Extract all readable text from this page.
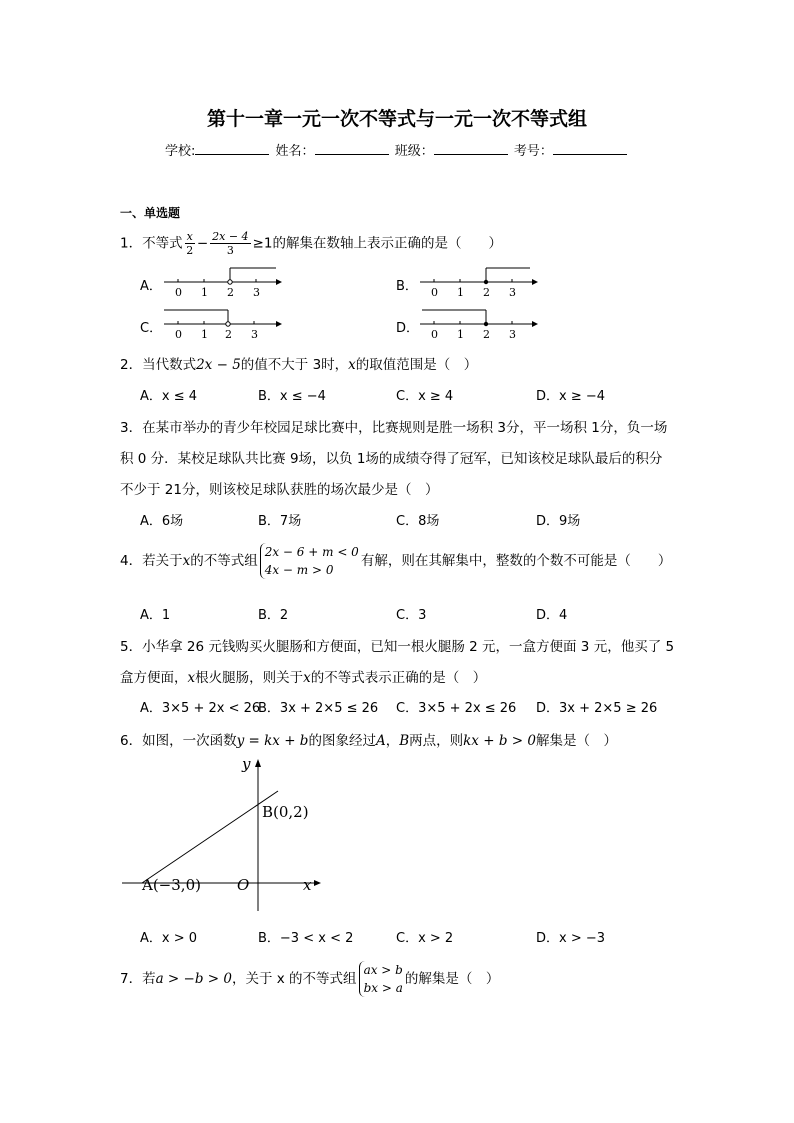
第十一章一元一次不等式与一元一次不等式组
学校:	姓名：	班级：	考号：
一、单选题
1．不等式 $\frac{x}{2} - \frac{2x - 4}{3} \ge 1$的解集在数轴上表示正确的是（　　）
A．	B．
C．	D．
0 1 2 3	0 1 2 3
0 1 2 3	0 1 2 3
2．当代数式2x − 5的值不大于 3时，x的取值范围是（　）
A．x ≤ 4	B．x ≤ −4	C．x ≥ 4	D．x ≥ −4
3．在某市举办的青少年校园足球比赛中，比赛规则是胜一场积 3分，平一场积 1分，负一场
积 0 分．某校足球队共比赛 9场，以负 1场的成绩夺得了冠军，已知该校足球队最后的积分
不少于 21分，则该校足球队获胜的场次最少是（　）
A．6场	B．7场	C．8场	D．9场
4．若关于x的不等式组
2x − 6 + m < 0
4x − m > 0
有解，则在其解集中，整数的个数不可能是（　　）
A．1	B．2	C．3	D．4
5．小华拿 26 元钱购买火腿肠和方便面，已知一根火腿肠 2 元，一盒方便面 3 元，他买了 5
盒方便面，x根火腿肠，则关于x的不等式表示正确的是（　）
A．3×5 + 2x < 26
B．3x + 2×5 ≤ 26 C．3×5 + 2x ≤ 26 D．3x + 2×5 ≥ 26
6．如图，一次函数y = kx + b的图象经过A，B两点，则kx + b > 0解集是（　）
y
x
O
A(−3,0)
B(0,2)
A．x > 0	B．−3 < x < 2	C．x > 2	D．x > −3
7．若a > −b > 0，关于 x 的不等式组
ax > b
bx > a
的解集是（　）
